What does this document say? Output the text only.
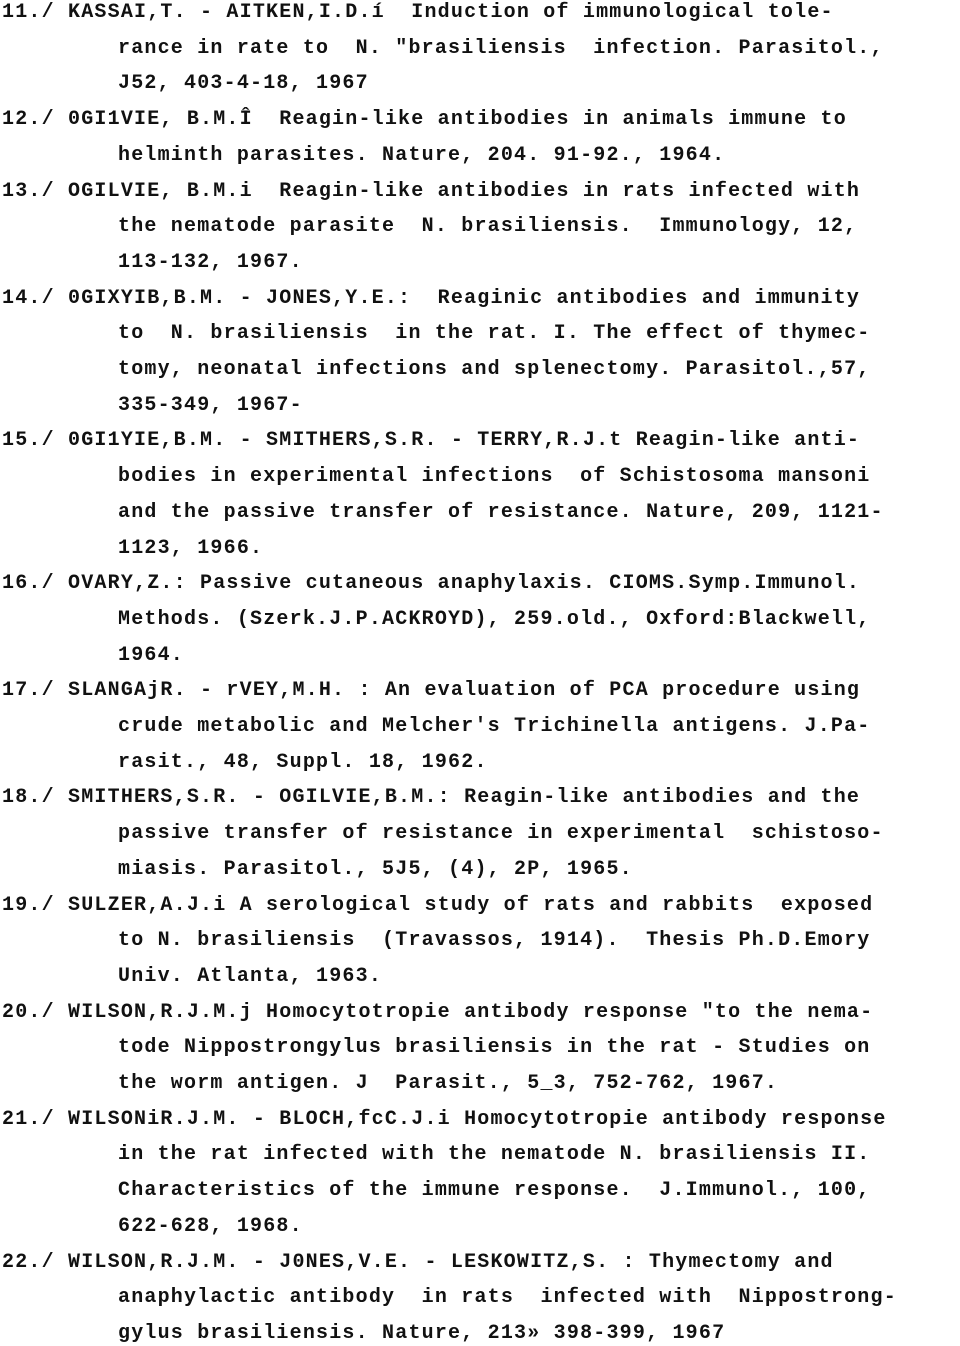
11./ KASSAI,T. - AITKEN,I.D.í  Induction of immunological tole-
rance in rate to  N. "brasiliensis  infection. Parasitol.,
J52, 403-4-18, 1967
12./ 0GI1VIE, B.M.Î  Reagin-like antibodies in animals immune to
helminth parasites. Nature, 204. 91-92., 1964.
13./ OGILVIE, B.M.i  Reagin-like antibodies in rats infected with
the nematode parasite  N. brasiliensis.  Immunology, 12,
113-132, 1967.
14./ 0GIXYIB,B.M. - JONES,Y.E.:  Reaginic antibodies and immunity
to  N. brasiliensis  in the rat. I. The effect of thymec-
tomy, neonatal infections and splenectomy. Parasitol.,57,
335-349, 1967-
15./ 0GI1YIE,B.M. - SMITHERS,S.R. - TERRY,R.J.t Reagin-like anti-
bodies in experimental infections  of Schistosoma mansoni
and the passive transfer of resistance. Nature, 209, 1121-
1123, 1966.
16./ OVARY,Z.: Passive cutaneous anaphylaxis. CIOMS.Symp.Immunol.
Methods. (Szerk.J.P.ACKROYD), 259.old., Oxford:Blackwell,
1964.
17./ SLANGAjR. - rVEY,M.H. : An evaluation of PCA procedure using
crude metabolic and Melcher's Trichinella antigens. J.Pa-
rasit., 48, Suppl. 18, 1962.
18./ SMITHERS,S.R. - OGILVIE,B.M.: Reagin-like antibodies and the
passive transfer of resistance in experimental  schistoso-
miasis. Parasitol., 5J5, (4), 2P, 1965.
19./ SULZER,A.J.i A serological study of rats and rabbits  exposed
to N. brasiliensis  (Travassos, 1914).  Thesis Ph.D.Emory
Univ. Atlanta, 1963.
20./ WILSON,R.J.M.j Homocytotropie antibody response "to the nema-
tode Nippostrongylus brasiliensis in the rat - Studies on
the worm antigen. J  Parasit., 5_3, 752-762, 1967.
21./ WILSONiR.J.M. - BLOCH,fcC.J.i Homocytotropie antibody response
in the rat infected with the nematode N. brasiliensis II.
Characteristics of the immune response.  J.Immunol., 100,
622-628, 1968.
22./ WILSON,R.J.M. - J0NES,V.E. - LESKOWITZ,S. : Thymectomy and
anaphylactic antibody  in rats  infected with  Nippostrong-
gylus brasiliensis. Nature, 213» 398-399, 1967
